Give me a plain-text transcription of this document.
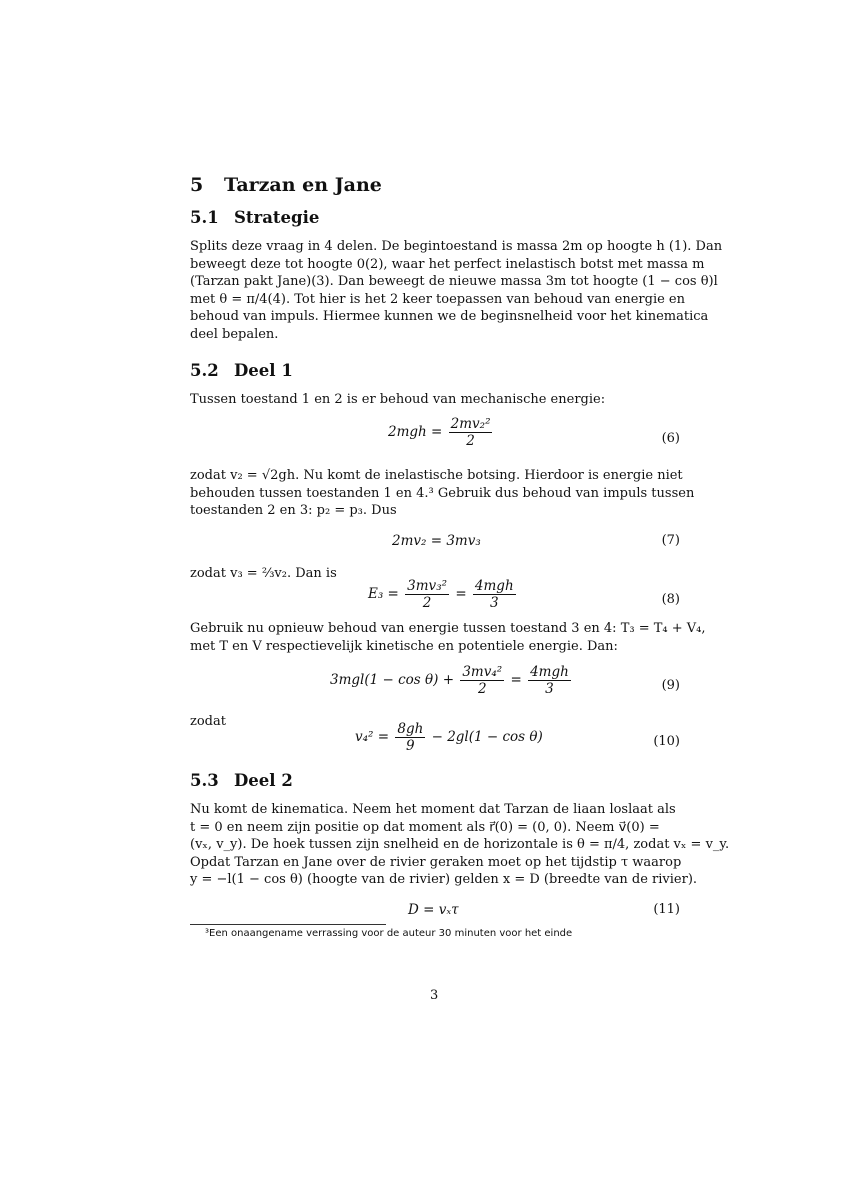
5 Tarzan en Jane
5.1 Strategie
Splits deze vraag in 4 delen. De begintoestand is massa 2m op hoogte h (1). Dan
beweegt deze tot hoogte 0(2), waar het perfect inelastisch botst met massa m
(Tarzan pakt Jane)(3). Dan beweegt de nieuwe massa 3m tot hoogte (1 − cos θ)l
met θ = π/4(4). Tot hier is het 2 keer toepassen van behoud van energie en
behoud van impuls. Hiermee kunnen we de beginsnelheid voor het kinematica
deel bepalen.
5.2 Deel 1
Tussen toestand 1 en 2 is er behoud van mechanische energie:
$2mgh = \frac{\text{2mv₂²}}{2}$	(6)
zodat v₂ = √2gh. Nu komt de inelastische botsing. Hierdoor is energie niet
behouden tussen toestanden 1 en 4.³ Gebruik dus behoud van impuls tussen
toestanden 2 en 3: p₂ = p₃. Dus
2mv₂ = 3mv₃	(7)
zodat v₃ = ⅔v₂. Dan is
$E_3 = \frac{\text{3mv₃²}}{2} = \frac{\text{4mgh}}{3}$	(8)
Gebruik nu opnieuw behoud van energie tussen toestand 3 en 4: T₃ = T₄ + V₄,
met T en V respectievelijk kinetische en potentiele energie. Dan:
$3mgl(1 - \cos \theta) + \frac{\text{3mv₄²}}{2} = \frac{\text{4mgh}}{3}$	(9)
zodat
$v_4^2 = \frac{8gh}{9} - 2gl(1 - \cos \theta)$	(10)
5.3 Deel 2
Nu komt de kinematica. Neem het moment dat Tarzan de liaan loslaat als
t = 0 en neem zijn positie op dat moment als r⃗(0) = (0, 0). Neem v⃗(0) =
(vₓ, v_y). De hoek tussen zijn snelheid en de horizontale is θ = π/4, zodat vₓ = v_y.
Opdat Tarzan en Jane over de rivier geraken moet op het tijdstip τ waarop
y = −l(1 − cos θ) (hoogte van de rivier) gelden x = D (breedte van de rivier).
D = vₓτ	(11)
³Een onaangename verrassing voor de auteur 30 minuten voor het einde
3
